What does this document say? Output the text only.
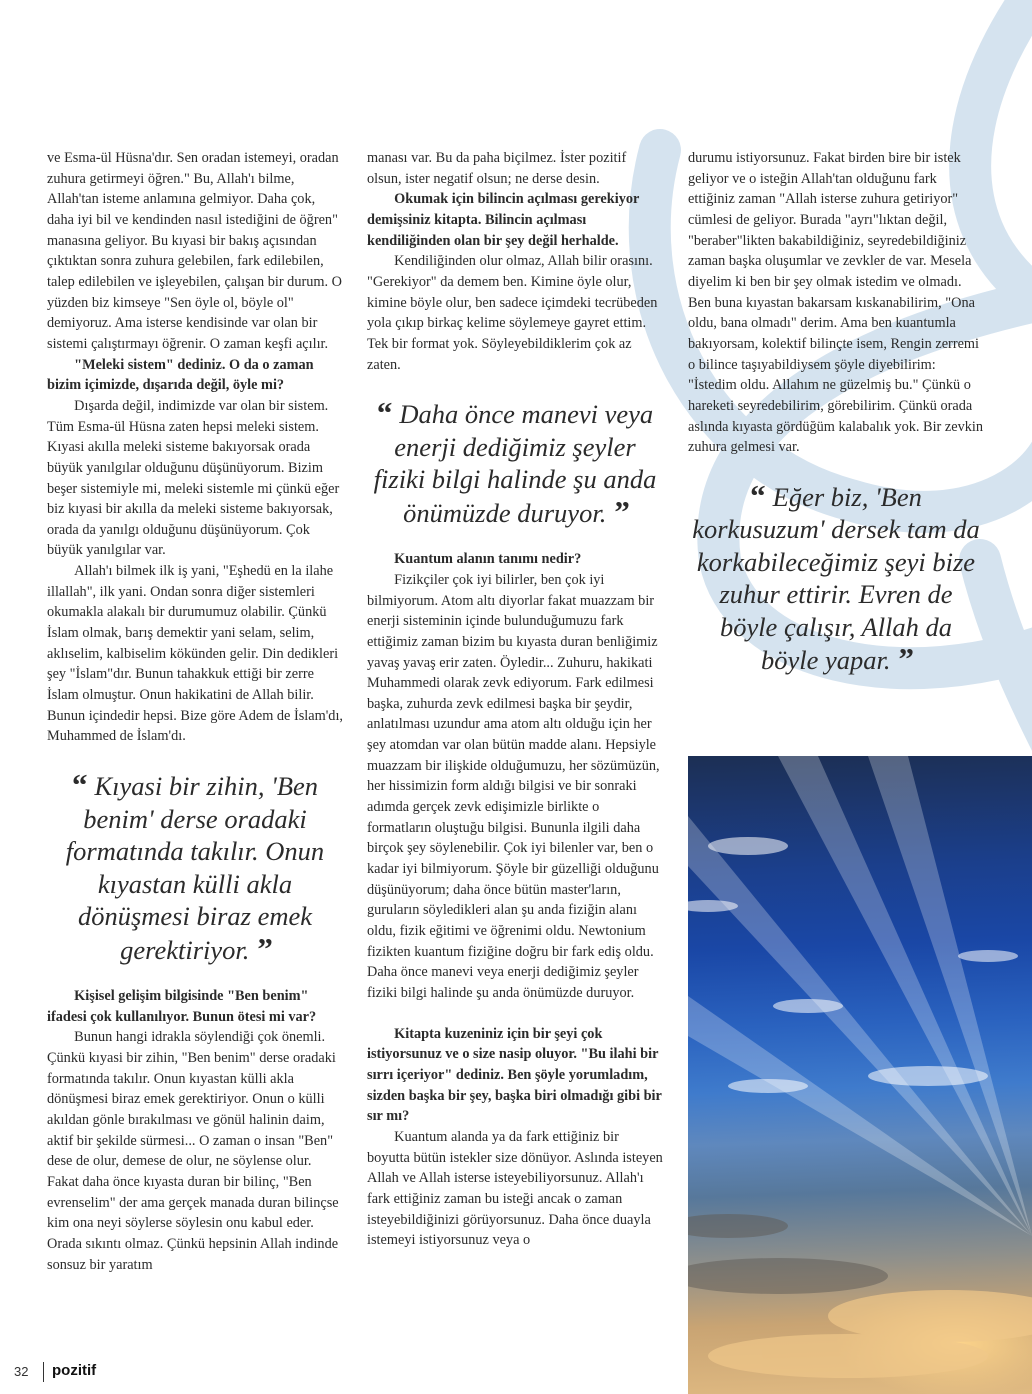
ve Esma-ül Hüsna'dır. Sen oradan istemeyi, oradan zuhura getirmeyi öğren." Bu, Allah'ı bilme, Allah'tan isteme anlamına gelmiyor. Daha çok, daha iyi bil ve kendinden nasıl istediğini de öğren" manasına geliyor. Bu kıyasi bir bakış açısından çıktıktan sonra zuhura gelebilen, fark edilebilen, talep edilebilen ve işleyebilen, çalışan bir durum. O yüzden biz kimseye "Sen öyle ol, böyle ol" demiyoruz. Ama isterse kendisinde var olan bir sistemi çalıştırmayı öğrenir. O zaman keşfi açılır.

"Meleki sistem" dediniz. O da o zaman bizim içimizde, dışarıda değil, öyle mi?

Dışarda değil, indimizde var olan bir sistem. Tüm Esma-ül Hüsna zaten hepsi meleki sistem. Kıyasi akılla meleki sisteme bakıyorsak orada büyük yanılgılar olduğunu düşünüyorum. Bizim beşer sistemiyle mi, meleki sistemle mi çünkü eğer biz kıyasi bir akılla da meleki sisteme bakıyorsak, orada da yanılgı olduğunu düşünüyorum. Çok büyük yanılgılar var.

Allah'ı bilmek ilk iş yani, "Eşhedü en la ilahe illallah", ilk yani. Ondan sonra diğer sistemleri okumakla alakalı bir durumumuz olabilir. Çünkü İslam olmak, barış demektir yani selam, selim, aklıselim, kalbiselim kökünden gelir. Din dedikleri şey "İslam"dır. Bunun tahakkuk ettiği bir zerre İslam olmuştur. Onun hakikatini de Allah bilir. Bunun içindedir hepsi. Bize göre Adem de İslam'dı, Muhammed de İslam'dı.

“ Kıyasi bir zihin, 'Ben benim' derse oradaki formatında takılır. Onun kıyastan külli akla dönüşmesi biraz emek gerektiriyor. ”

Kişisel gelişim bilgisinde "Ben benim" ifadesi çok kullanılıyor. Bunun ötesi mi var?

Bunun hangi idrakla söylendiği çok önemli. Çünkü kıyasi bir zihin, "Ben benim" derse oradaki formatında takılır. Onun kıyastan külli akla dönüşmesi biraz emek gerektiriyor. Onun o külli akıldan gönle bırakılması ve gönül halinin daim, aktif bir şekilde sürmesi... O zaman o insan "Ben" dese de olur, demese de olur, ne söylense olur. Fakat daha önce kıyasta duran bir bilinç, "Ben evrenselim" der ama gerçek manada duran bilinçse kim ona neyi söylerse söylesin onu kabul eder. Orada sıkıntı olmaz. Çünkü hepsinin Allah indinde sonsuz bir yaratım

manası var. Bu da paha biçilmez. İster pozitif olsun, ister negatif olsun; ne derse desin.

Okumak için bilincin açılması gerekiyor demişsiniz kitapta. Bilincin açılması kendiliğinden olan bir şey değil herhalde.

Kendiliğinden olur olmaz, Allah bilir orasını. "Gerekiyor" da demem ben. Kimine öyle olur, kimine böyle olur, ben sadece içimdeki tecrübeden yola çıkıp birkaç kelime söylemeye gayret ettim. Tek bir format yok. Söyleyebildiklerim çok az zaten.

“ Daha önce manevi veya enerji dediğimiz şeyler fiziki bilgi halinde şu anda önümüzde duruyor. ”

Kuantum alanın tanımı nedir?

Fizikçiler çok iyi bilirler, ben çok iyi bilmiyorum. Atom altı diyorlar fakat muazzam bir enerji sisteminin içinde bulunduğumuzu fark ettiğimiz zaman bizim bu kıyasta duran benliğimiz yavaş yavaş erir zaten. Öyledir... Zuhuru, hakikati Muhammedi olarak zevk ediyorum. Fark edilmesi başka, zuhurda zevk edilmesi başka bir şeydir, anlatılması uzundur ama atom altı olduğu için her şey atomdan var olan bütün madde alanı. Hepsiyle muazzam bir ilişkide olduğumuzu, her sözümüzün, her hissimizin form aldığı bilgisi ve bir sonraki adımda gerçek zevk edişimizle birlikte o formatların oluştuğu bilgisi. Bununla ilgili daha birçok şey söylenebilir. Çok iyi bilenler var, ben o kadar iyi bilmiyorum. Şöyle bir güzelliği olduğunu düşünüyorum; daha önce bütün master'ların, guruların söyledikleri alan şu anda fiziğin alanı oldu, fizik eğitimi ve öğrenimi oldu. Newtonium fizikten kuantum fiziğine doğru bir fark ediş oldu. Daha önce manevi veya enerji dediğimiz şeyler fiziki bilgi halinde şu anda önümüzde duruyor.

Kitapta kuzeniniz için bir şeyi çok istiyorsunuz ve o size nasip oluyor. "Bu ilahi bir sırrı içeriyor" dediniz. Ben şöyle yorumladım, sizden başka bir şey, başka biri olmadığı gibi bir sır mı?

Kuantum alanda ya da fark ettiğiniz bir boyutta bütün istekler size dönüyor. Aslında isteyen Allah ve Allah isterse isteyebiliyorsunuz. Allah'ı fark ettiğiniz zaman bu isteği ancak o zaman isteyebildiğinizi görüyorsunuz. Daha önce duayla istemeyi istiyorsunuz veya o

durumu istiyorsunuz. Fakat birden bire bir istek geliyor ve o isteğin Allah'tan olduğunu fark ettiğiniz zaman "Allah isterse zuhura getiriyor" cümlesi de geliyor. Burada "ayrı"lıktan değil, "beraber"likten bakabildiğiniz, seyredebildiğiniz zaman başka oluşumlar ve zevkler de var. Mesela diyelim ki ben bir şey olmak istedim ve olmadı. Ben buna kıyastan bakarsam kıskanabilirim, "Ona oldu, bana olmadı" derim. Ama ben kuantumla bakıyorsam, kolektif bilinçte isem, Rengin zerremi o bilince taşıyabildiysem şöyle diyebilirim: "İstedim oldu. Allahım ne güzelmiş bu." Çünkü o hareketi seyredebilirim, görebilirim. Çünkü orada aslında kıyasta gördüğüm kalabalık yok. Bir zevkin zuhura gelmesi var.

“ Eğer biz, 'Ben korkusuzum' dersek tam da korkabileceğimiz şeyi bize zuhur ettirir. Evren de böyle çalışır, Allah da böyle yapar. ”
32 pozitif
